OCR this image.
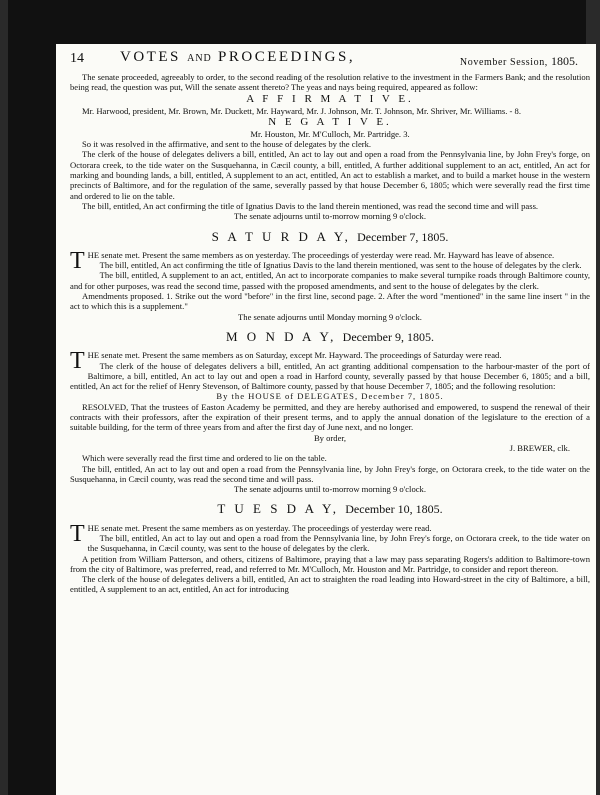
14 VOTES AND PROCEEDINGS,	November Session, 1805.

The senate proceeded, agreeably to order, to the second reading of the resolution relative to the investment in the Farmers Bank; and the resolution being read, the question was put, Will the senate assent thereto? The yeas and nays being required, appeared as follow:

A F F I R M A T I V E.

Mr. Harwood, president, Mr. Brown, Mr. Duckett, Mr. Hayward, Mr. J. Johnson, Mr. T. Johnson, Mr. Shriver, Mr. Williams. - 8.

N E G A T I V E.

Mr. Houston, Mr. M'Culloch, Mr. Partridge. 3.

So it was resolved in the affirmative, and sent to the house of delegates by the clerk.

The clerk of the house of delegates delivers a bill, entitled, An act to lay out and open a road from the Pennsylvania line, by John Frey's forge, on Octorara creek, to the tide water on the Susquehanna, in Cæcil county, a bill, entitled, A further additional supplement to an act, entitled, An act for marking and bounding lands, a bill, entitled, A supplement to an act, entitled, An act to establish a market, and to build a market house in the western precincts of Baltimore, and for the regulation of the same, severally passed by that house December 6, 1805; which were severally read the first time and ordered to lie on the table.

The bill, entitled, An act confirming the title of Ignatius Davis to the land therein mentioned, was read the second time and will pass.

The senate adjourns until to-morrow morning 9 o'clock.

S A T U R D A Y, December 7, 1805.

THE senate met. Present the same members as on yesterday. The proceedings of yesterday were read. Mr. Hayward has leave of absence.

The bill, entitled, An act confirming the title of Ignatius Davis to the land therein mentioned, was sent to the house of delegates by the clerk.

The bill, entitled, A supplement to an act, entitled, An act to incorporate companies to make several turnpike roads through Baltimore county, and for other purposes, was read the second time, passed with the proposed amendments, and sent to the house of delegates by the clerk.

Amendments proposed. 1. Strike out the word "before" in the first line, second page. 2. After the word "mentioned" in the same line insert " in the act to which this is a supplement."

The senate adjourns until Monday morning 9 o'clock.

M O N D A Y, December 9, 1805.

THE senate met. Present the same members as on Saturday, except Mr. Hayward. The proceedings of Saturday were read.

The clerk of the house of delegates delivers a bill, entitled, An act granting additional compensation to the harbour-master of the port of Baltimore, a bill, entitled, An act to lay out and open a road in Harford county, severally passed by that house December 6, 1805; and a bill, entitled, An act for the relief of Henry Stevenson, of Baltimore county, passed by that house December 7, 1805; and the following resolution:

By the HOUSE of DELEGATES, December 7, 1805.

RESOLVED, That the trustees of Easton Academy be permitted, and they are hereby authorised and empowered, to suspend the renewal of their contracts with their professors, after the expiration of their present terms, and to apply the annual donation of the legislature to the erection of a suitable building, for the term of three years from and after the first day of June next, and no longer.

By order,

J. BREWER, clk.

Which were severally read the first time and ordered to lie on the table.

The bill, entitled, An act to lay out and open a road from the Pennsylvania line, by John Frey's forge, on Octorara creek, to the tide water on the Susquehanna, in Cæcil county, was read the second time and will pass.

The senate adjourns until to-morrow morning 9 o'clock.

T U E S D A Y, December 10, 1805.

THE senate met. Present the same members as on yesterday. The proceedings of yesterday were read.

The bill, entitled, An act to lay out and open a road from the Pennsylvania line, by John Frey's forge, on Octorara creek, to the tide water on the Susquehanna, in Cæcil county, was sent to the house of delegates by the clerk.

A petition from William Patterson, and others, citizens of Baltimore, praying that a law may pass separating Rogers's addition to Baltimore-town from the city of Baltimore, was preferred, read, and referred to Mr. M'Culloch, Mr. Houston and Mr. Partridge, to consider and report thereon.

The clerk of the house of delegates delivers a bill, entitled, An act to straighten the road leading into Howard-street in the city of Baltimore, a bill, entitled, A supplement to an act, entitled, An act for introducing
